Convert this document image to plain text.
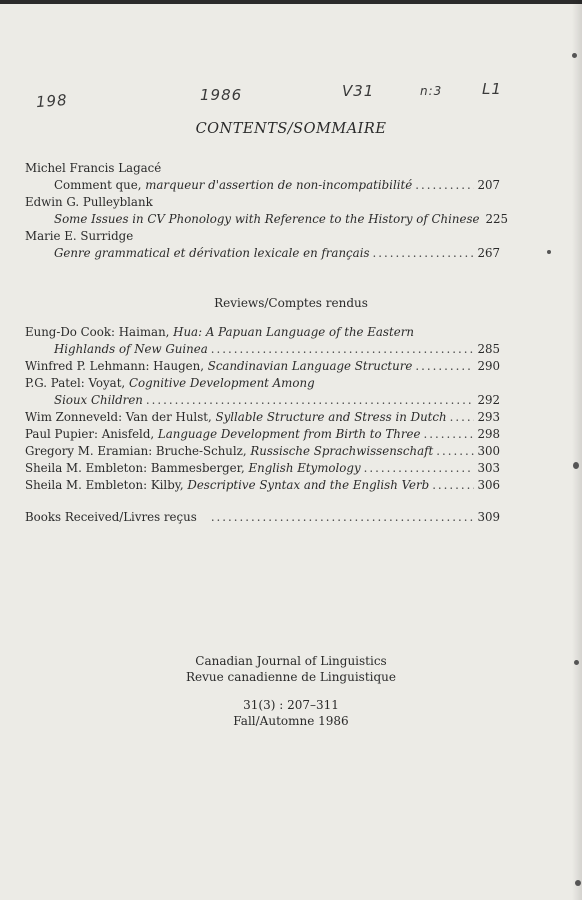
198	1986	V31	n:3	L1
CONTENTS/SOMMAIRE
Michel Francis Lagacé
Comment que, marqueur d'assertion de non-incompatibilité .....	207
Edwin G. Pulleyblank
Some Issues in CV Phonology with Reference to the History of Chinese 225
Marie E. Surridge
Genre grammatical et dérivation lexicale en français .....	267
Reviews/Comptes rendus
Eung-Do Cook: Haiman, Hua: A Papuan Language of the Eastern
Highlands of New Guinea .....	285
Winfred P. Lehmann: Haugen, Scandinavian Language Structure .....	290
P.G. Patel: Voyat, Cognitive Development Among
Sioux Children .....	292
Wim Zonneveld: Van der Hulst, Syllable Structure and Stress in Dutch .....	293
Paul Pupier: Anisfeld, Language Development from Birth to Three .....	298
Gregory M. Eramian: Bruche-Schulz, Russische Sprachwissenschaft .....	300
Sheila M. Embleton: Bammesberger, English Etymology .....	303
Sheila M. Embleton: Kilby, Descriptive Syntax and the English Verb .....	306
Books Received/Livres reçus .....	309
Canadian Journal of Linguistics
Revue canadienne de Linguistique
31(3) : 207–311
Fall/Automne 1986
